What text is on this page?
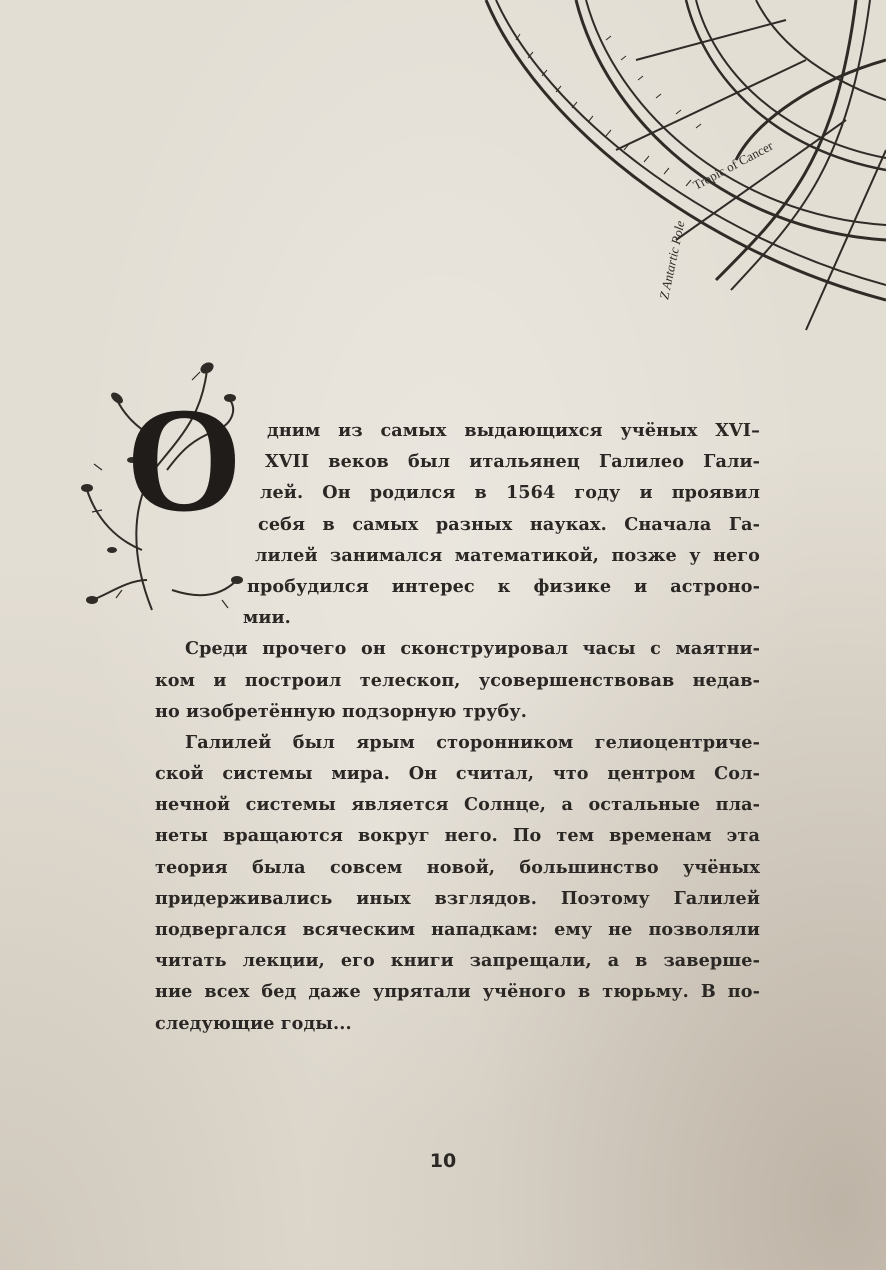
Tropic of Cancer
Z Antartic Pole
О дним из самых выдающихся учёных XVI–
XVII веков был итальянец Галилео Гали-
лей. Он родился в 1564 году и проявил
себя в самых разных науках. Сначала Га-
лилей занимался математикой, позже у него
пробудился интерес к физике и астроно-
мии.
Среди прочего он сконструировал часы с маятни-
ком и построил телескоп, усовершенствовав недав-
но изобретённую подзорную трубу.
Галилей был ярым сторонником гелиоцентриче-
ской системы мира. Он считал, что центром Сол-
нечной системы является Солнце, а остальные пла-
неты вращаются вокруг него. По тем временам эта
теория была совсем новой, большинство учёных
придерживались иных взглядов. Поэтому Галилей
подвергался всяческим нападкам: ему не позволяли
читать лекции, его книги запрещали, а в заверше-
ние всех бед даже упрятали учёного в тюрьму. В по-
следующие годы...
10
